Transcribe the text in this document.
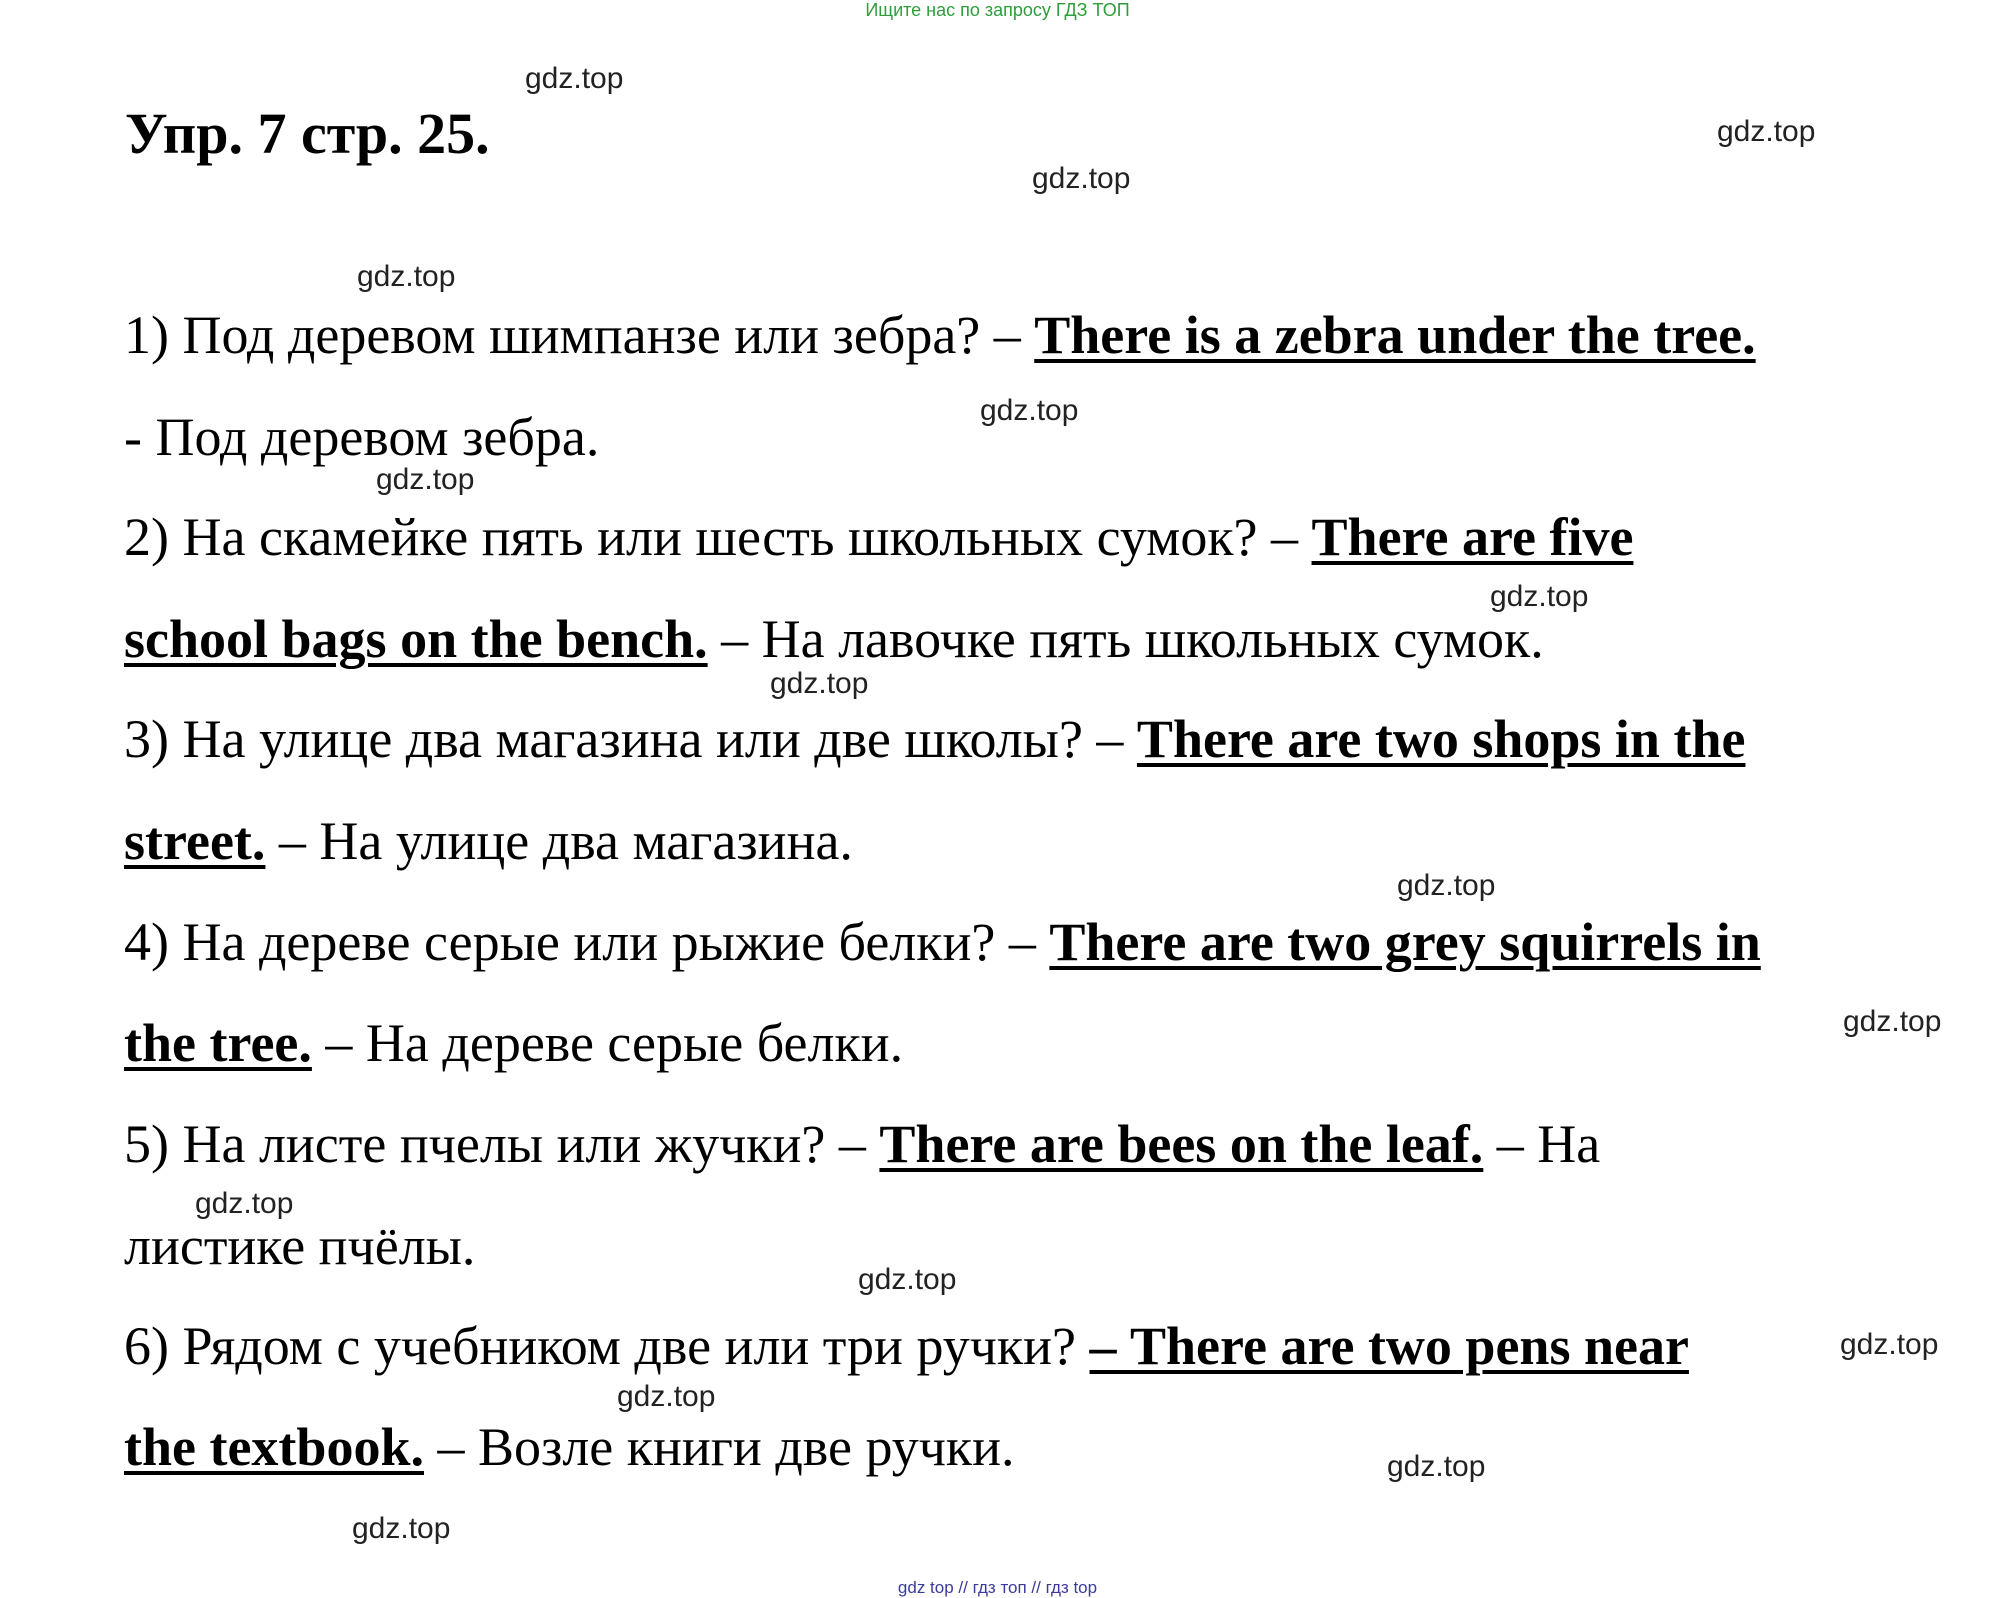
Ищите нас по запросу ГДЗ ТОП
Упр. 7 стр. 25.
1) Под деревом шимпанзе или зебра? – There is a zebra under the tree.
- Под деревом зебра.
2) На скамейке пять или шесть школьных сумок? – There are five
school bags on the bench. – На лавочке пять школьных сумок.
3) На улице два магазина или две школы? – There are two shops in the
street. – На улице два магазина.
4) На дереве серые или рыжие белки? – There are two grey squirrels in
the tree. – На дереве серые белки.
5) На листе пчелы или жучки? – There are bees on the leaf. – На
листике пчёлы.
6) Рядом с учебником две или три ручки? – There are two pens near
the textbook. – Возле книги две ручки.
gdz.top
gdz.top
gdz.top
gdz.top
gdz.top
gdz.top
gdz.top
gdz.top
gdz.top
gdz.top
gdz.top
gdz.top
gdz.top
gdz.top
gdz.top
gdz.top
gdz top // гдз топ // гдз top
